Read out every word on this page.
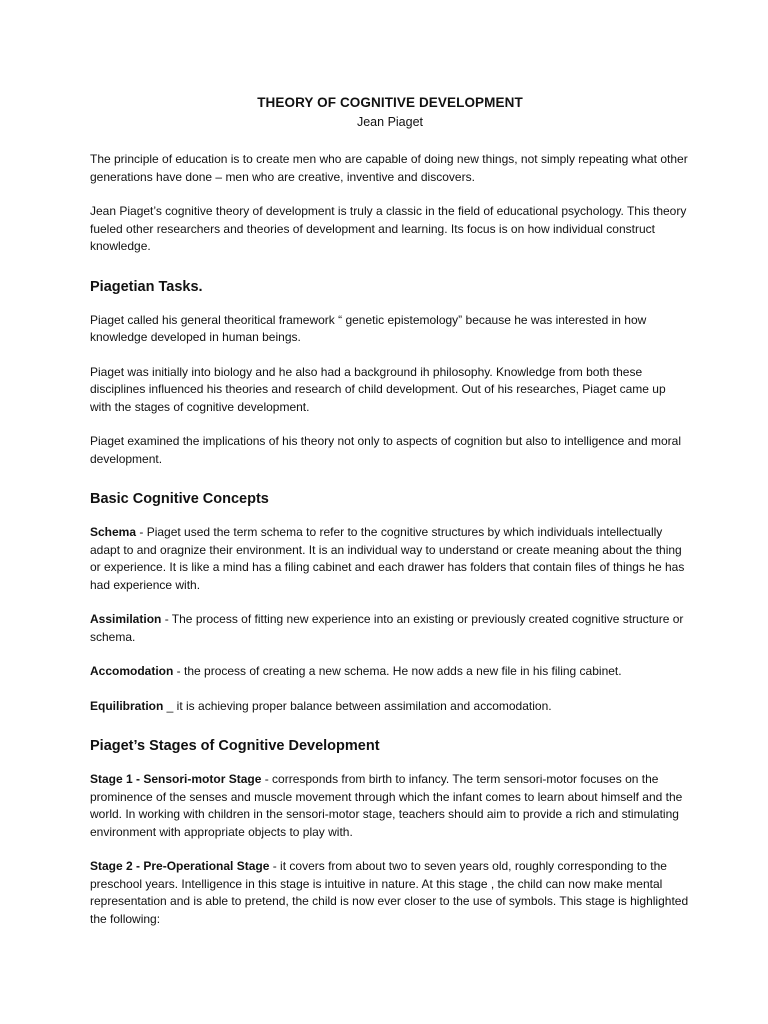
THEORY OF COGNITIVE DEVELOPMENT
Jean Piaget

The principle of education is to create men who are capable of doing new things, not simply repeating what other generations have done – men who are creative, inventive and discovers.

Jean Piaget’s cognitive theory of development is truly a classic in the field of educational psychology. This theory fueled other researchers and theories of development and learning. Its focus is on how individual construct knowledge.

Piagetian Tasks.

Piaget called his general theoritical framework “ genetic epistemology” because he was interested in how knowledge developed in human beings.

Piaget was initially into biology and he also had a background ih philosophy. Knowledge from both these disciplines influenced his theories and research of child development. Out of his researches, Piaget came up with the stages of cognitive development.

Piaget examined the implications of his theory not only to aspects of cognition but also to intelligence and moral development.

Basic Cognitive Concepts

Schema - Piaget used the term schema to refer to the cognitive structures by which individuals intellectually adapt to and oragnize their environment. It is an individual way to understand or create meaning about the thing or experience. It is like a mind has a filing cabinet and each drawer has folders that contain files of things he has had experience with.

Assimilation - The process of fitting new experience into an existing or previously created cognitive structure or schema.

Accomodation - the process of creating a new schema. He now adds a new file in his filing cabinet.

Equilibration _ it is achieving proper balance between assimilation and accomodation.

Piaget’s Stages of Cognitive Development

Stage 1 - Sensori-motor Stage - corresponds from birth to infancy. The term sensori-motor focuses on the prominence of the senses and muscle movement through which the infant comes to learn about himself and the world. In working with children in the sensori-motor stage, teachers should aim to provide a rich and stimulating environment with appropriate objects to play with.

Stage 2 - Pre-Operational Stage - it covers from about two to seven years old, roughly corresponding to the preschool years. Intelligence in this stage is intuitive in nature. At this stage , the child can now make mental representation and is able to pretend, the child is now ever closer to the use of symbols. This stage is highlighted the following:
